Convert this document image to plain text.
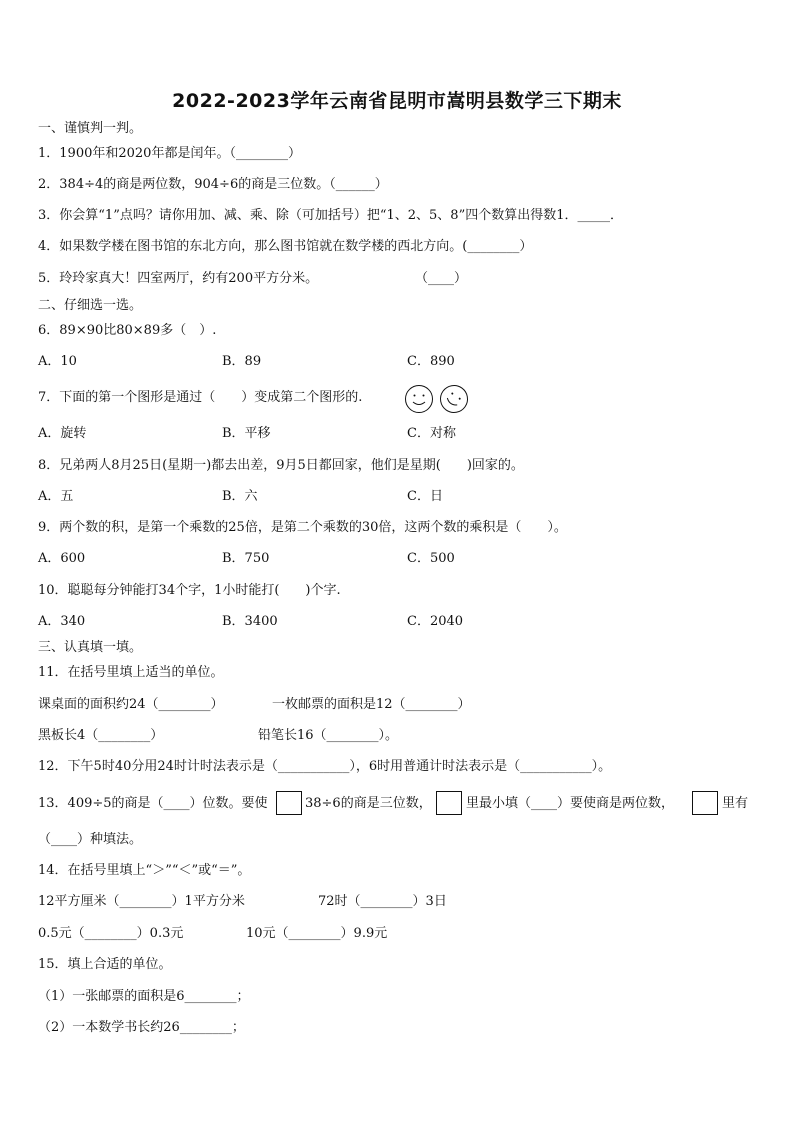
2022-2023学年云南省昆明市嵩明县数学三下期末
一、谨慎判一判。
1．1900年和2020年都是闰年。（________）
2．384÷4的商是两位数，904÷6的商是三位数。（______）
3．你会算“1”点吗？请你用加、减、乘、除（可加括号）把“1、2、5、8”四个数算出得数1．_____．
4．如果数学楼在图书馆的东北方向，那么图书馆就在数学楼的西北方向。(________）
5．玲玲家真大！四室两厅，约有200平方分米。	（____）
二、仔细选一选。
6．89×90比80×89多（　）.
A．10	B．89	C．890
7．下面的第一个图形是通过（　　）变成第二个图形的.
A．旋转	B．平移	C．对称
8．兄弟两人8月25日(星期一)都去出差，9月5日都回家，他们是星期(　　)回家的。
A．五	B．六	C．日
9．两个数的积，是第一个乘数的25倍，是第二个乘数的30倍，这两个数的乘积是（　　）。
A．600	B．750	C．500
10．聪聪每分钟能打34个字，1小时能打(　　)个字.
A．340	B．3400	C．2040
三、认真填一填。
11．在括号里填上适当的单位。
课桌面的面积约24（________）	一枚邮票的面积是12（________）
黑板长4（________）	铅笔长16（________）。
12．下午5时40分用24时计时法表示是（___________），6时用普通计时法表示是（___________）。
13．409÷5的商是（____）位数。要使	38÷6的商是三位数，	里最小填（____）要使商是两位数，	里有
（____）种填法。
14．在括号里填上“＞”“＜”或“＝”。
12平方厘米（________）1平方分米	72时（________）3日
0.5元（________）0.3元	10元（________）9.9元
15．填上合适的单位。
（1）一张邮票的面积是6________；
（2）一本数学书长约26________；
